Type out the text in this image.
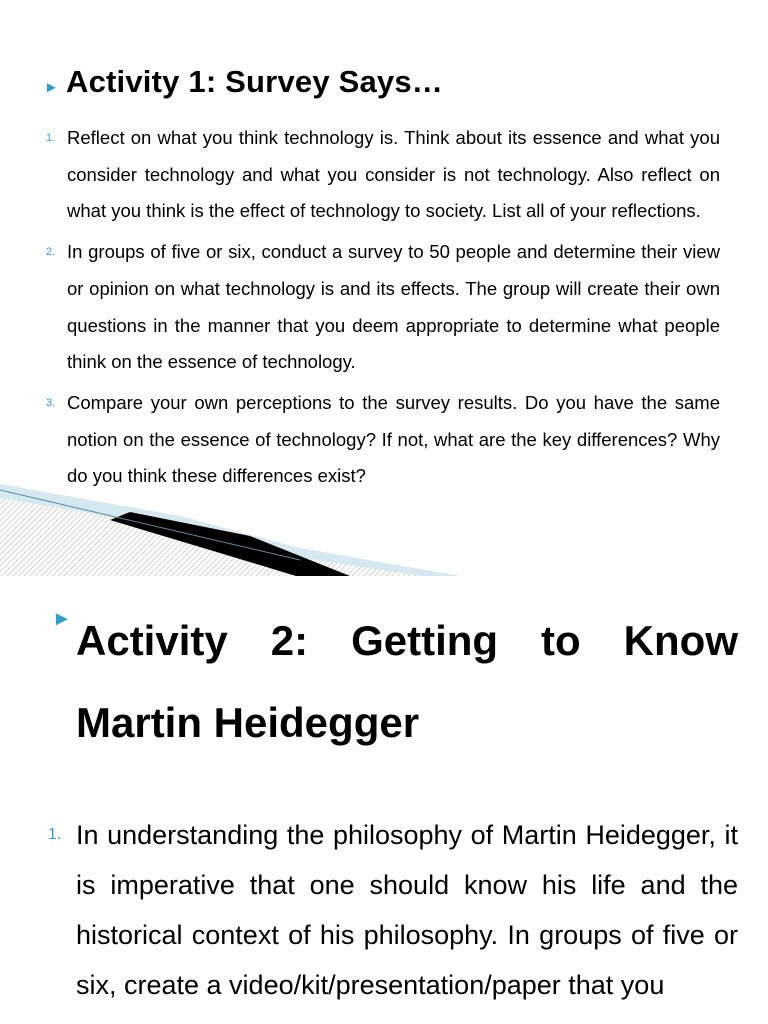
► Activity 1: Survey Says…
1. Reflect on what you think technology is. Think about its essence and what you consider technology and what you consider is not technology. Also reflect on what you think is the effect of technology to society. List all of your reflections.
2. In groups of five or six, conduct a survey to 50 people and determine their view or opinion on what technology is and its effects. The group will create their own questions in the manner that you deem appropriate to determine what people think on the essence of technology.
3. Compare your own perceptions to the survey results. Do you have the same notion on the essence of technology? If not, what are the key differences? Why do you think these differences exist?
► Activity 2: Getting to Know Martin Heidegger
1. In understanding the philosophy of Martin Heidegger, it is imperative that one should know his life and the historical context of his philosophy. In groups of five or six, create a video/kit/presentation/paper that you
